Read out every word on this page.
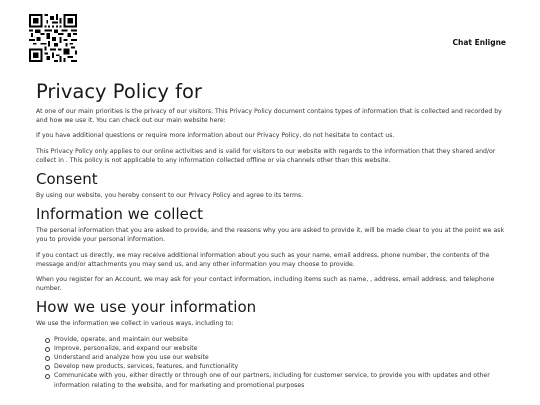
Chat Enligne
Privacy Policy for

At one of our main priorities is the privacy of our visitors. This Privacy Policy document contains types of information that is collected and recorded by and how we use it. You can check out our main website here:

If you have additional questions or require more information about our Privacy Policy, do not hesitate to contact us.

This Privacy Policy only applies to our online activities and is valid for visitors to our website with regards to the information that they shared and/or collect in . This policy is not applicable to any information collected offline or via channels other than this website.

Consent

By using our website, you hereby consent to our Privacy Policy and agree to its terms.

Information we collect

The personal information that you are asked to provide, and the reasons why you are asked to provide it, will be made clear to you at the point we ask you to provide your personal information.

If you contact us directly, we may receive additional information about you such as your name, email address, phone number, the contents of the message and/or attachments you may send us, and any other information you may choose to provide.

When you register for an Account, we may ask for your contact information, including items such as name, , address, email address, and telephone number.

How we use your information

We use the information we collect in various ways, including to:

Provide, operate, and maintain our website
Improve, personalize, and expand our website
Understand and analyze how you use our website
Develop new products, services, features, and functionality
Communicate with you, either directly or through one of our partners, including for customer service, to provide you with updates and other information relating to the website, and for marketing and promotional purposes
